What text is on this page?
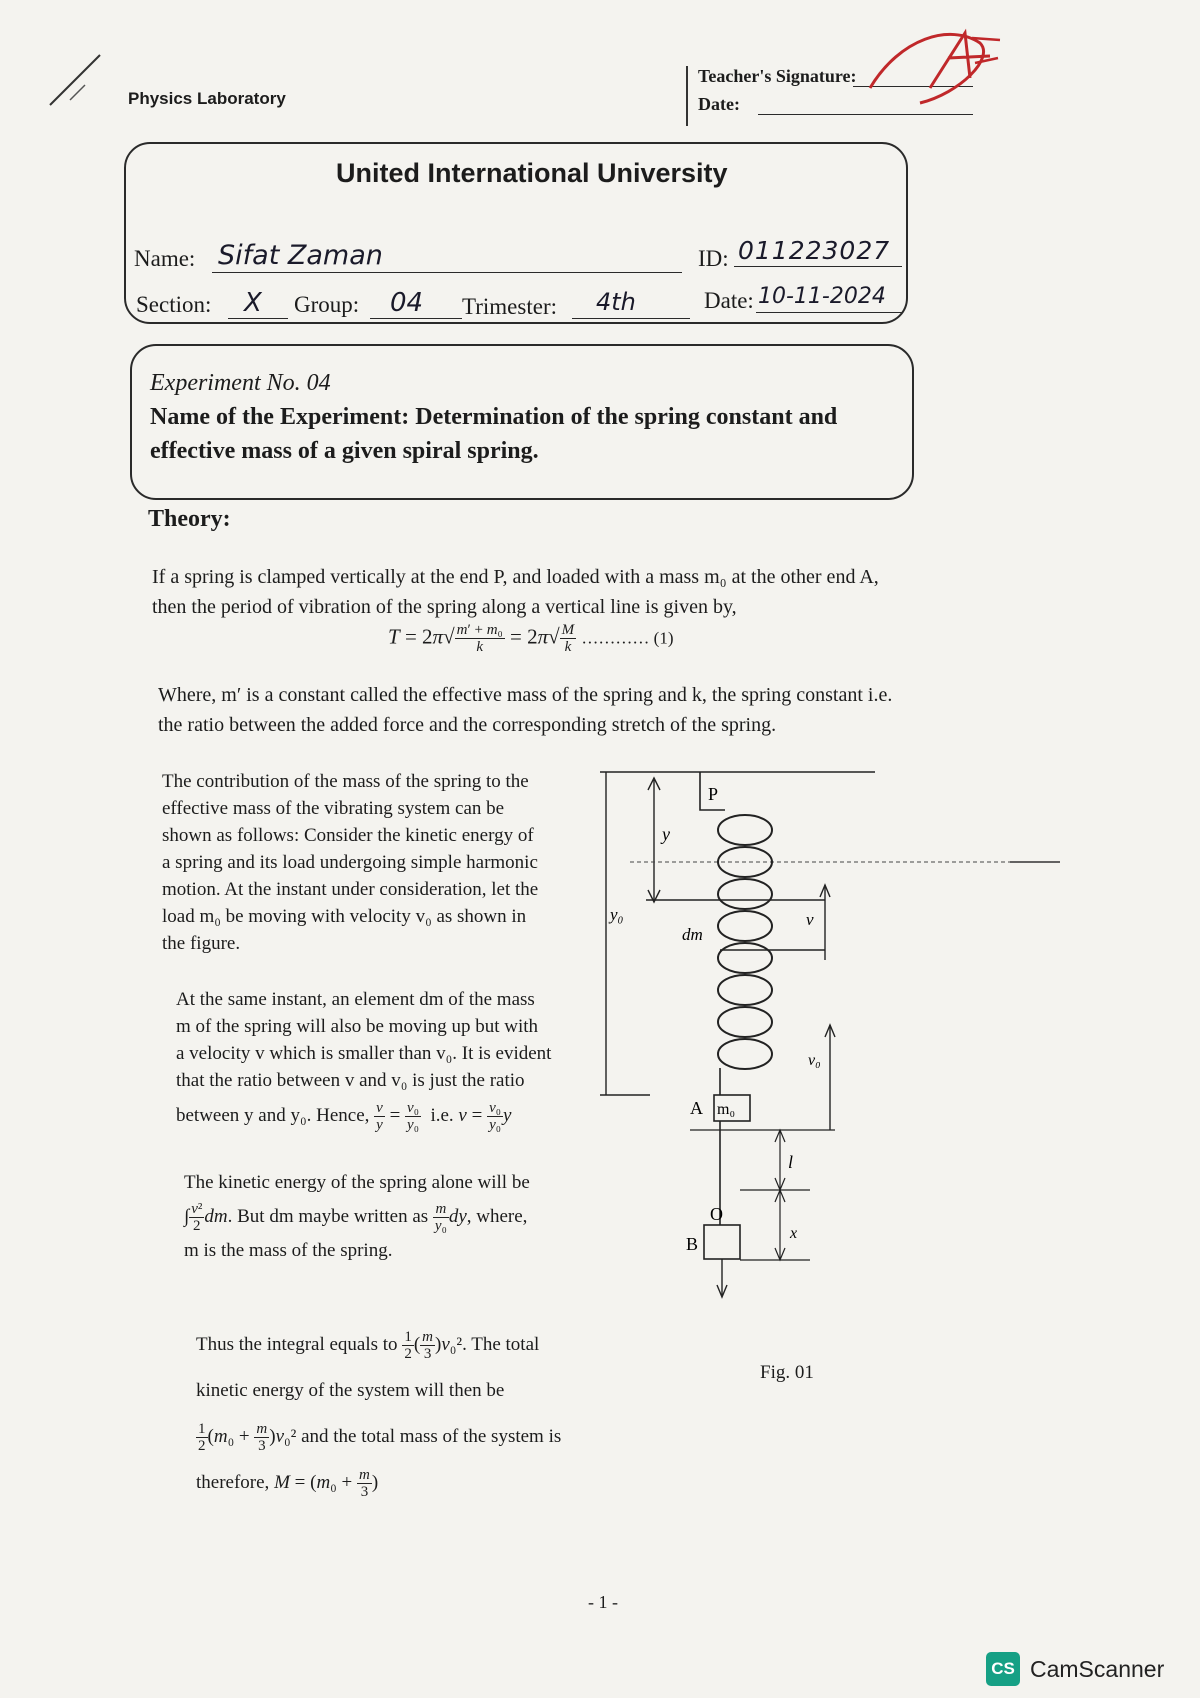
Physics Laboratory
Teacher's Signature:
Date:
United International University
Name: Sifat Zaman	ID: 011223027
Section: X Group: 04 Trimester: 4th	Date: 10-11-2024
Experiment No. 04
Name of the Experiment: Determination of the spring constant and
effective mass of a given spiral spring.
Theory:
If a spring is clamped vertically at the end P, and loaded with a mass m₀ at the other end A,
then the period of vibration of the spring along a vertical line is given by,
$T = 2\pi√ \frac{\text{m′ + m₀}}{k} = 2\pi√ \frac{M}{k}$ ………… (1)
Where, m′ is a constant called the effective mass of the spring and k, the spring constant i.e.
the ratio between the added force and the corresponding stretch of the spring.
The contribution of the mass of the spring to the
effective mass of the vibrating system can be
shown as follows: Consider the kinetic energy of
a spring and its load undergoing simple harmonic
motion. At the instant under consideration, let the
load m₀ be moving with velocity v₀ as shown in
the figure.
At the same instant, an element dm of the mass
m of the spring will also be moving up but with
a velocity v which is smaller than v₀. It is evident
that the ratio between v and v₀ is just the ratio
between y and y₀. Hence, $\frac{v}{y} = \frac{\text{v₀}}{\text{y₀}} i.e$. $v = \frac{\text{v₀}}{\text{y₀}}$ y
The kinetic energy of the spring alone will be
∫ $\frac{\text{v²}}{2}$ dm. But dm maybe written as $\frac{m}{\text{y₀}}$ dy, where,
m is the mass of the spring.
Thus the integral equals to $\frac{1}{2}$ ( $\frac{m}{3} )v_0^2$. The total
kinetic energy of the system will then be
$\frac{1}{2} (m_0 + \frac{m}{3} )v_0^2$ and the total mass of the system is
therefore, $M = (m_0 + \frac{m}{3}$ )
P
y
y₀
dm
v
v₀
A m₀
l
O
B
x
Fig. 01
- 1 -
CS CamScanner
